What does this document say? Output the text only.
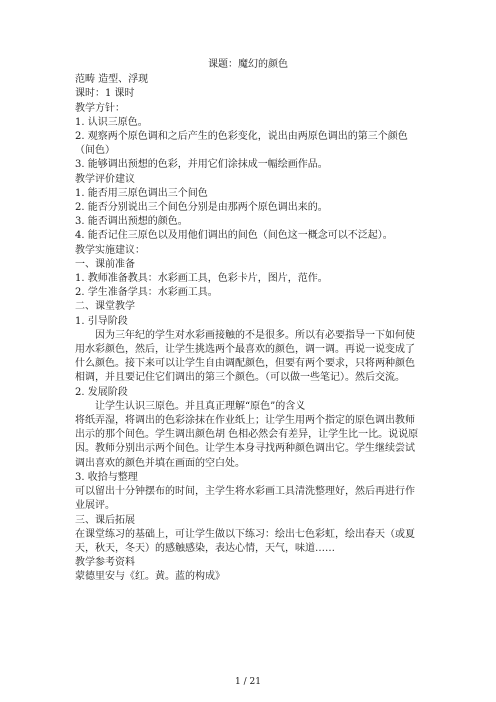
课题：魔幻的颜色
范畴 造型、浮现
课时：1 课时
教学方针：
1. 认识三原色。
2. 观察两个原色调和之后产生的色彩变化，说出由两原色调出的第三个颜色（间色）
3. 能够调出预想的色彩，并用它们涂抹成一幅绘画作品。
教学评价建议
1. 能否用三原色调出三个间色
2. 能否分别说出三个间色分别是由那两个原色调出来的。
3. 能否调出预想的颜色。
4. 能否记住三原色以及用他们调出的间色（间色这一概念可以不泛起）。
教学实施建议：
一、课前准备
1. 教师准备教具：水彩画工具，色彩卡片，图片，范作。
2. 学生准备学具：水彩画工具。
二、课堂教学
1. 引导阶段
因为三年纪的学生对水彩画接触的不是很多。所以有必要指导一下如何使用水彩颜色，然后，让学生挑选两个最喜欢的颜色，调一调。再说一说变成了什么颜色。接下来可以让学生自由调配颜色，但要有两个要求，只将两种颜色相调，并且要记住它们调出的第三个颜色。（可以做一些笔记）。然后交流。
2. 发展阶段
让学生认识三原色。并且真正理解“原色”的含义
将纸弄湿，将调出的色彩涂抹在作业纸上；让学生用两个指定的原色调出教师出示的那个间色。学生调出颜色胡 色相必然会有差异，让学生比一比。说说原因。教师分别出示两个间色。让学生本身寻找两种颜色调出它。学生继续尝试调出喜欢的颜色并填在画面的空白处。
3. 收拾与整理
可以留出十分钟摆布的时间，主学生将水彩画工具清洗整理好，然后再进行作业展评。
三、课后拓展
在课堂练习的基础上，可让学生做以下练习：绘出七色彩虹，绘出春天（或夏天，秋天，冬天）的感触感染，表达心情，天气，味道……
教学参考资料
蒙德里安与《红。黄。蓝的构成》
1 / 21
